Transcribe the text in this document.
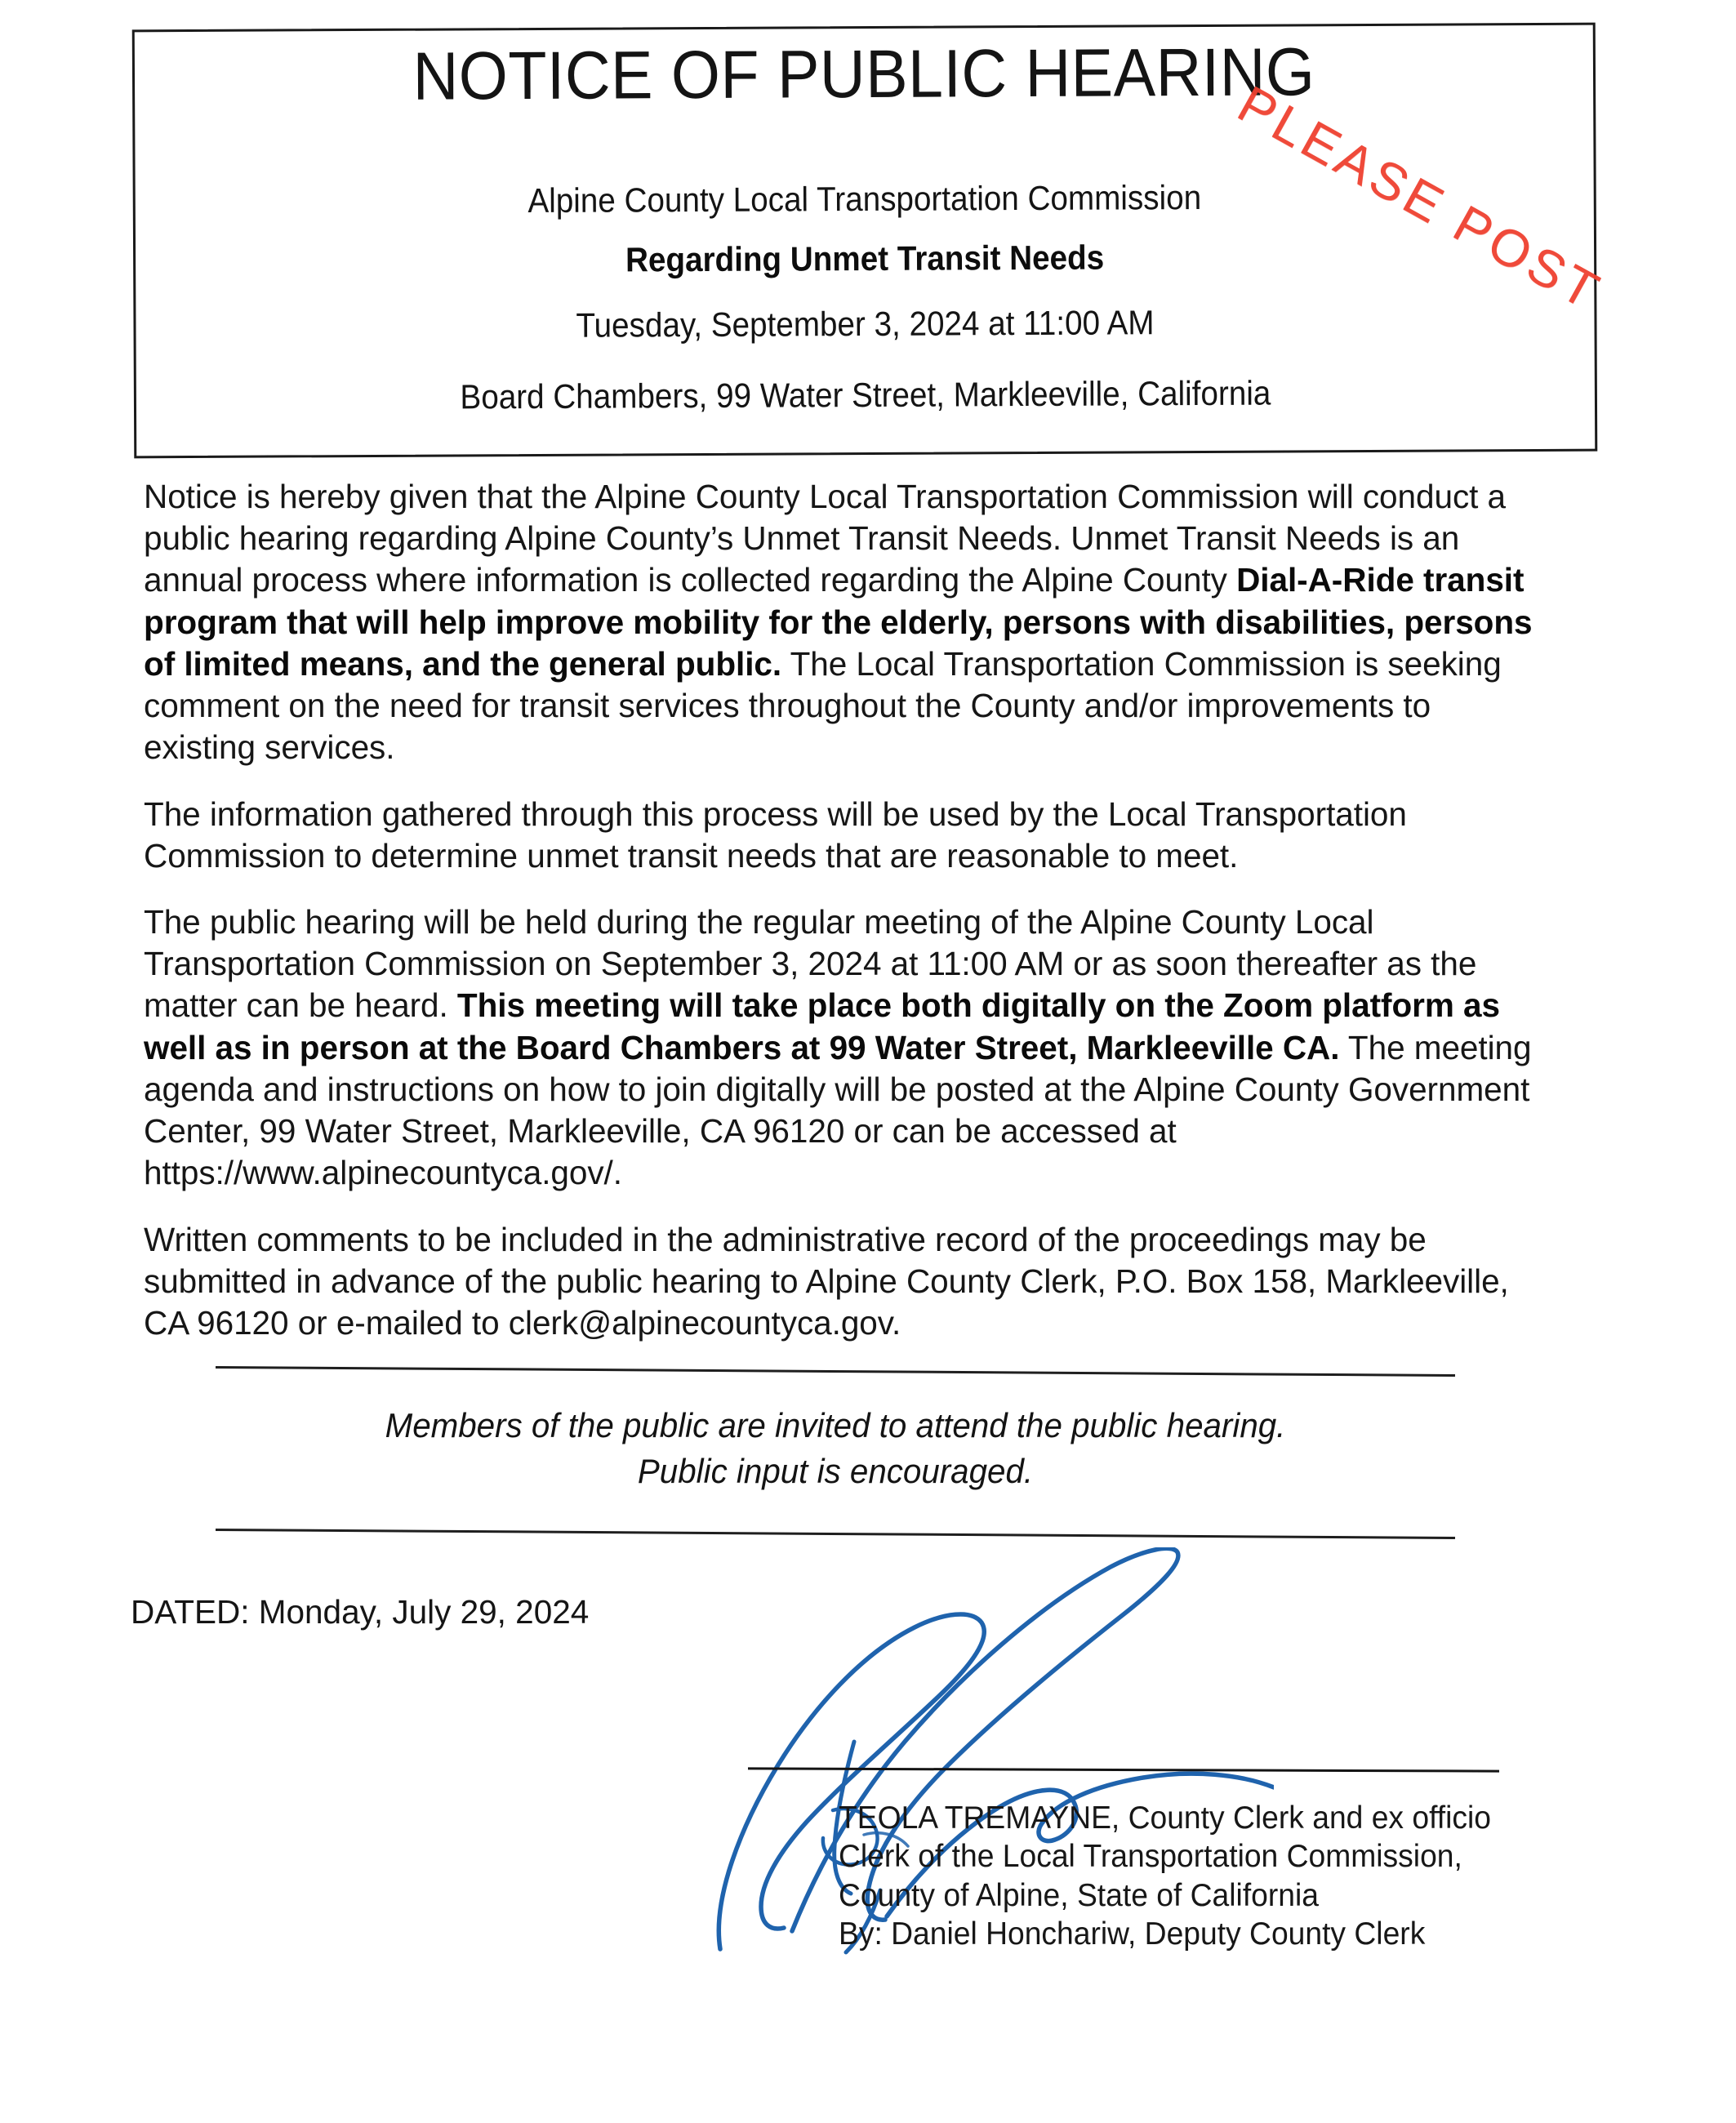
NOTICE OF PUBLIC HEARING
Alpine County Local Transportation Commission
Regarding Unmet Transit Needs
Tuesday, September 3, 2024 at 11:00 AM
Board Chambers, 99 Water Street, Markleeville, California
PLEASE POST

Notice is hereby given that the Alpine County Local Transportation Commission will conduct a public hearing regarding Alpine County’s Unmet Transit Needs. Unmet Transit Needs is an annual process where information is collected regarding the Alpine County Dial-A-Ride transit program that will help improve mobility for the elderly, persons with disabilities, persons of limited means, and the general public. The Local Transportation Commission is seeking comment on the need for transit services throughout the County and/or improvements to existing services.

The information gathered through this process will be used by the Local Transportation Commission to determine unmet transit needs that are reasonable to meet.

The public hearing will be held during the regular meeting of the Alpine County Local Transportation Commission on September 3, 2024 at 11:00 AM or as soon thereafter as the matter can be heard. This meeting will take place both digitally on the Zoom platform as well as in person at the Board Chambers at 99 Water Street, Markleeville CA. The meeting agenda and instructions on how to join digitally will be posted at the Alpine County Government Center, 99 Water Street, Markleeville, CA 96120 or can be accessed at https://www.alpinecountyca.gov/.

Written comments to be included in the administrative record of the proceedings may be submitted in advance of the public hearing to Alpine County Clerk, P.O. Box 158, Markleeville, CA 96120 or e-mailed to clerk@alpinecountyca.gov.

Members of the public are invited to attend the public hearing.
Public input is encouraged.
DATED: Monday, July 29, 2024
TEOLA TREMAYNE, County Clerk and ex officio
Clerk of the Local Transportation Commission,
County of Alpine, State of California
By: Daniel Honchariw, Deputy County Clerk
